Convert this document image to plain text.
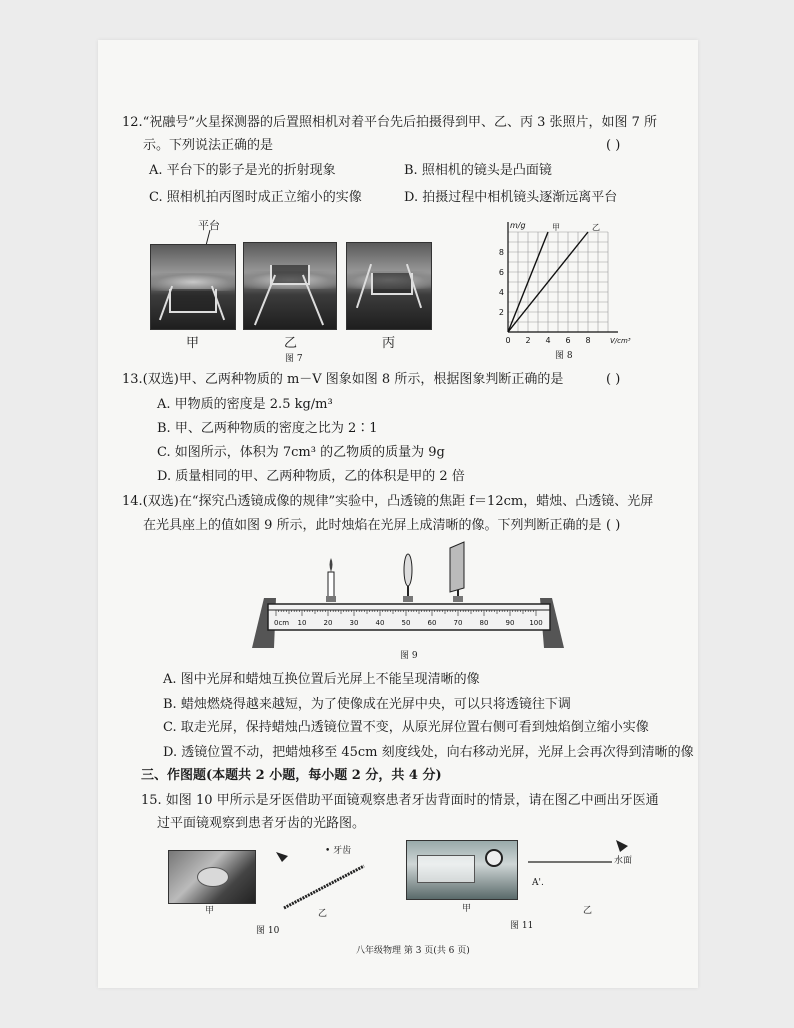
12.“祝融号”火星探测器的后置照相机对着平台先后拍摄得到甲、乙、丙 3 张照片，如图 7 所
示。下列说法正确的是	( )
A. 平台下的影子是光的折射现象	B. 照相机的镜头是凸面镜
C. 照相机拍丙图时成正立缩小的实像	D. 拍摄过程中相机镜头逐渐远离平台
平台
甲	乙	丙
图 7
0 2 4 6 8
2
4
6
8
m/g
V/cm³
甲	乙
图 8
13.(双选)甲、乙两种物质的 m－V 图象如图 8 所示，根据图象判断正确的是	( )
A. 甲物质的密度是 2.5 kg/m³
B. 甲、乙两种物质的密度之比为 2∶1
C. 如图所示，体积为 7cm³ 的乙物质的质量为 9g
D. 质量相同的甲、乙两种物质，乙的体积是甲的 2 倍
14.(双选)在“探究凸透镜成像的规律”实验中，凸透镜的焦距 f＝12cm，蜡烛、凸透镜、光屏
在光具座上的值如图 9 所示，此时烛焰在光屏上成清晰的像。下列判断正确的是 ( )
0cm 10 20 30 40 50 60 70 80 90 100
图 9
A. 图中光屏和蜡烛互换位置后光屏上不能呈现清晰的像
B. 蜡烛燃烧得越来越短，为了使像成在光屏中央，可以只将透镜往下调
C. 取走光屏，保持蜡烛凸透镜位置不变，从原光屏位置右侧可看到烛焰倒立缩小实像
D. 透镜位置不动，把蜡烛移至 45cm 刻度线处，向右移动光屏，光屏上会再次得到清晰的像
三、作图题(本题共 2 小题，每小题 2 分，共 4 分)
15. 如图 10 甲所示是牙医借助平面镜观察患者牙齿背面时的情景，请在图乙中画出牙医通
过平面镜观察到患者牙齿的光路图。
甲
• 牙齿
乙
图 10
甲
图 11
水面
A'.
乙
八年级物理 第 3 页(共 6 页)
